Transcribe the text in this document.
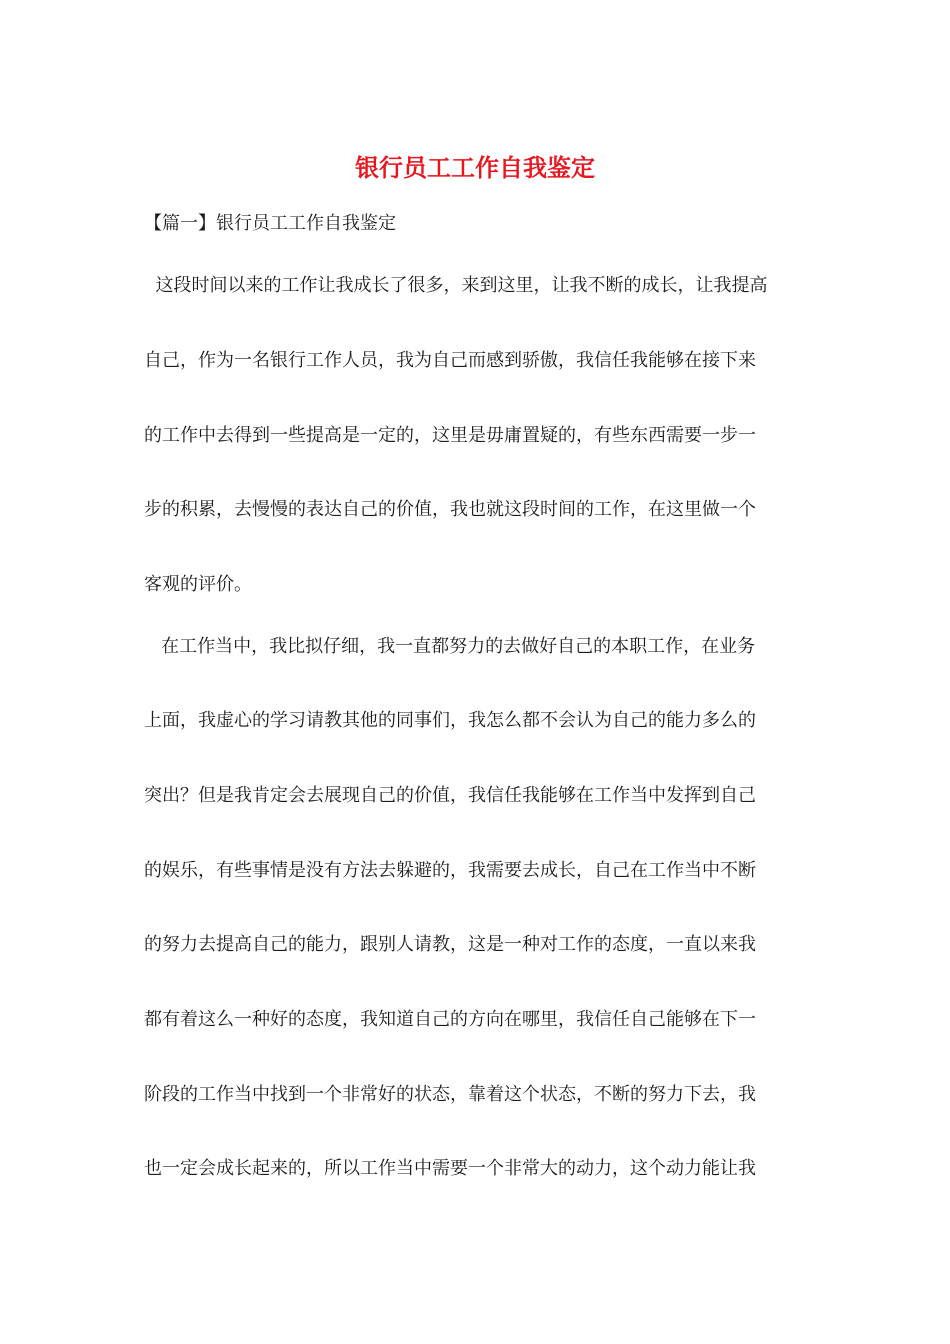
银行员工工作自我鉴定

【篇一】银行员工工作自我鉴定

这段时间以来的工作让我成长了很多，来到这里，让我不断的成长，让我提高

自己，作为一名银行工作人员，我为自己而感到骄傲，我信任我能够在接下来

的工作中去得到一些提高是一定的，这里是毋庸置疑的，有些东西需要一步一

步的积累，去慢慢的表达自己的价值，我也就这段时间的工作，在这里做一个

客观的评价。

在工作当中，我比拟仔细，我一直都努力的去做好自己的本职工作，在业务

上面，我虚心的学习请教其他的同事们，我怎么都不会认为自己的能力多么的

突出？但是我肯定会去展现自己的价值，我信任我能够在工作当中发挥到自己

的娱乐，有些事情是没有方法去躲避的，我需要去成长，自己在工作当中不断

的努力去提高自己的能力，跟别人请教，这是一种对工作的态度，一直以来我

都有着这么一种好的态度，我知道自己的方向在哪里，我信任自己能够在下一

阶段的工作当中找到一个非常好的状态，靠着这个状态，不断的努力下去，我

也一定会成长起来的，所以工作当中需要一个非常大的动力，这个动力能让我
